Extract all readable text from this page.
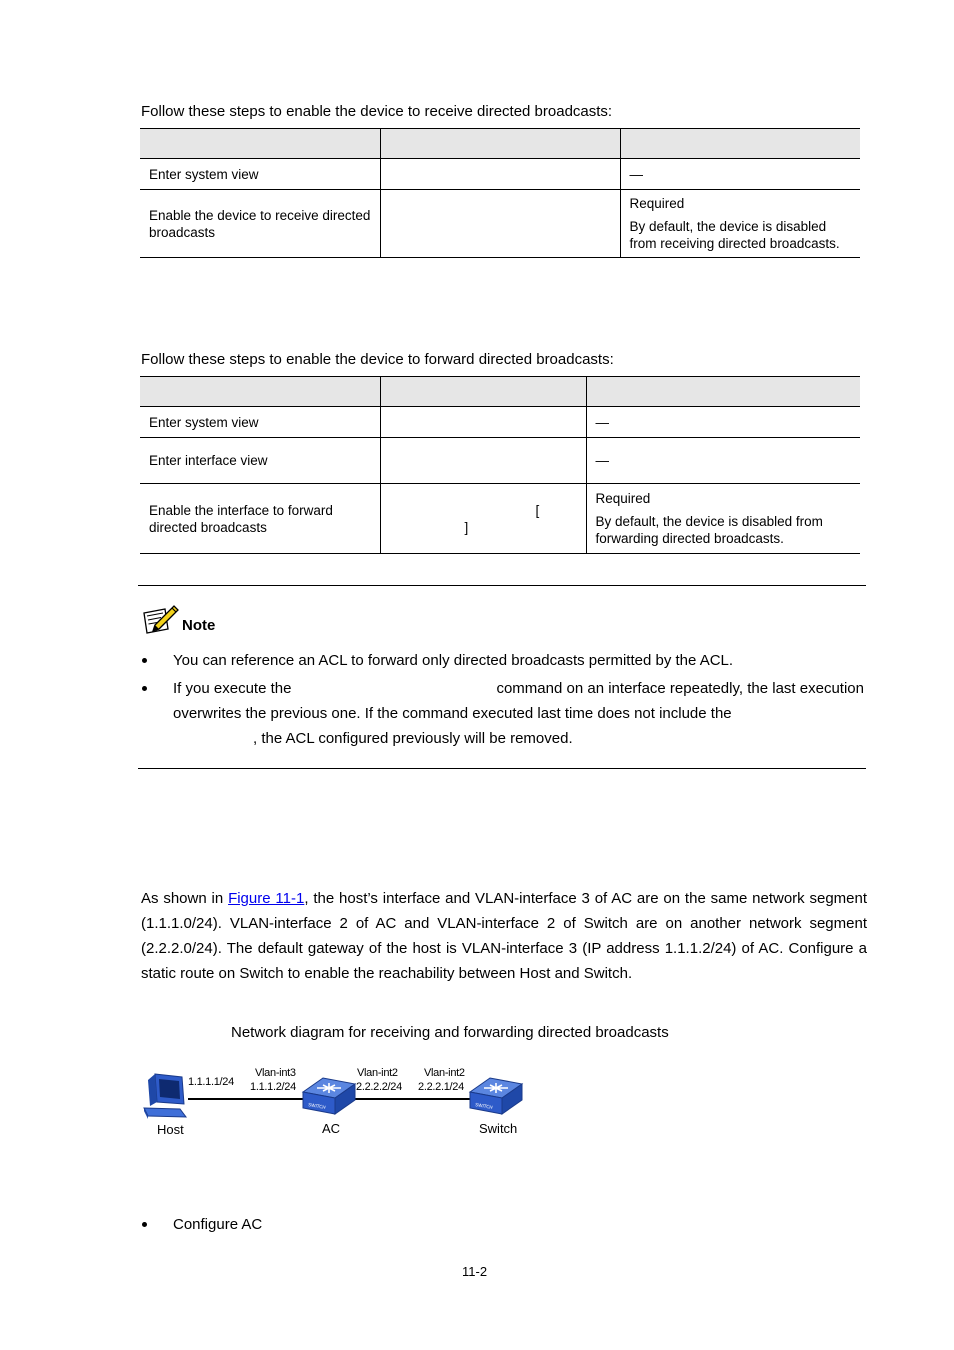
Follow these steps to enable the device to receive directed broadcasts:

Enter system view		—
Enable the device to receive directed broadcasts		Required
By default, the device is disabled from receiving directed broadcasts.
Follow these steps to enable the device to forward directed broadcasts:

Enter system view		—
Enter interface view		—
Enable the interface to forward directed broadcasts	[
]	Required
By default, the device is disabled from forwarding directed broadcasts.
Note
You can reference an ACL to forward only directed broadcasts permitted by the ACL.
If you execute the	command on an interface repeatedly, the last execution overwrites the previous one. If the command executed last time does not include the
, the ACL configured previously will be removed.
As shown in Figure 11-1, the host’s interface and VLAN-interface 3 of AC are on the same network segment (1.1.1.0/24). VLAN-interface 2 of AC and VLAN-interface 2 of Switch are on another network segment (2.2.2.0/24). The default gateway of the host is VLAN-interface 3 (IP address 1.1.1.2/24) of AC. Configure a static route on Switch to enable the reachability between Host and Switch.
Network diagram for receiving and forwarding directed broadcasts
SWITCH	SWITCH
1.1.1.1/24
Vlan-int3
1.1.1.2/24
Vlan-int2
2.2.2.2/24
Vlan-int2
2.2.2.1/24
Host	AC	Switch
Configure AC
11-2
